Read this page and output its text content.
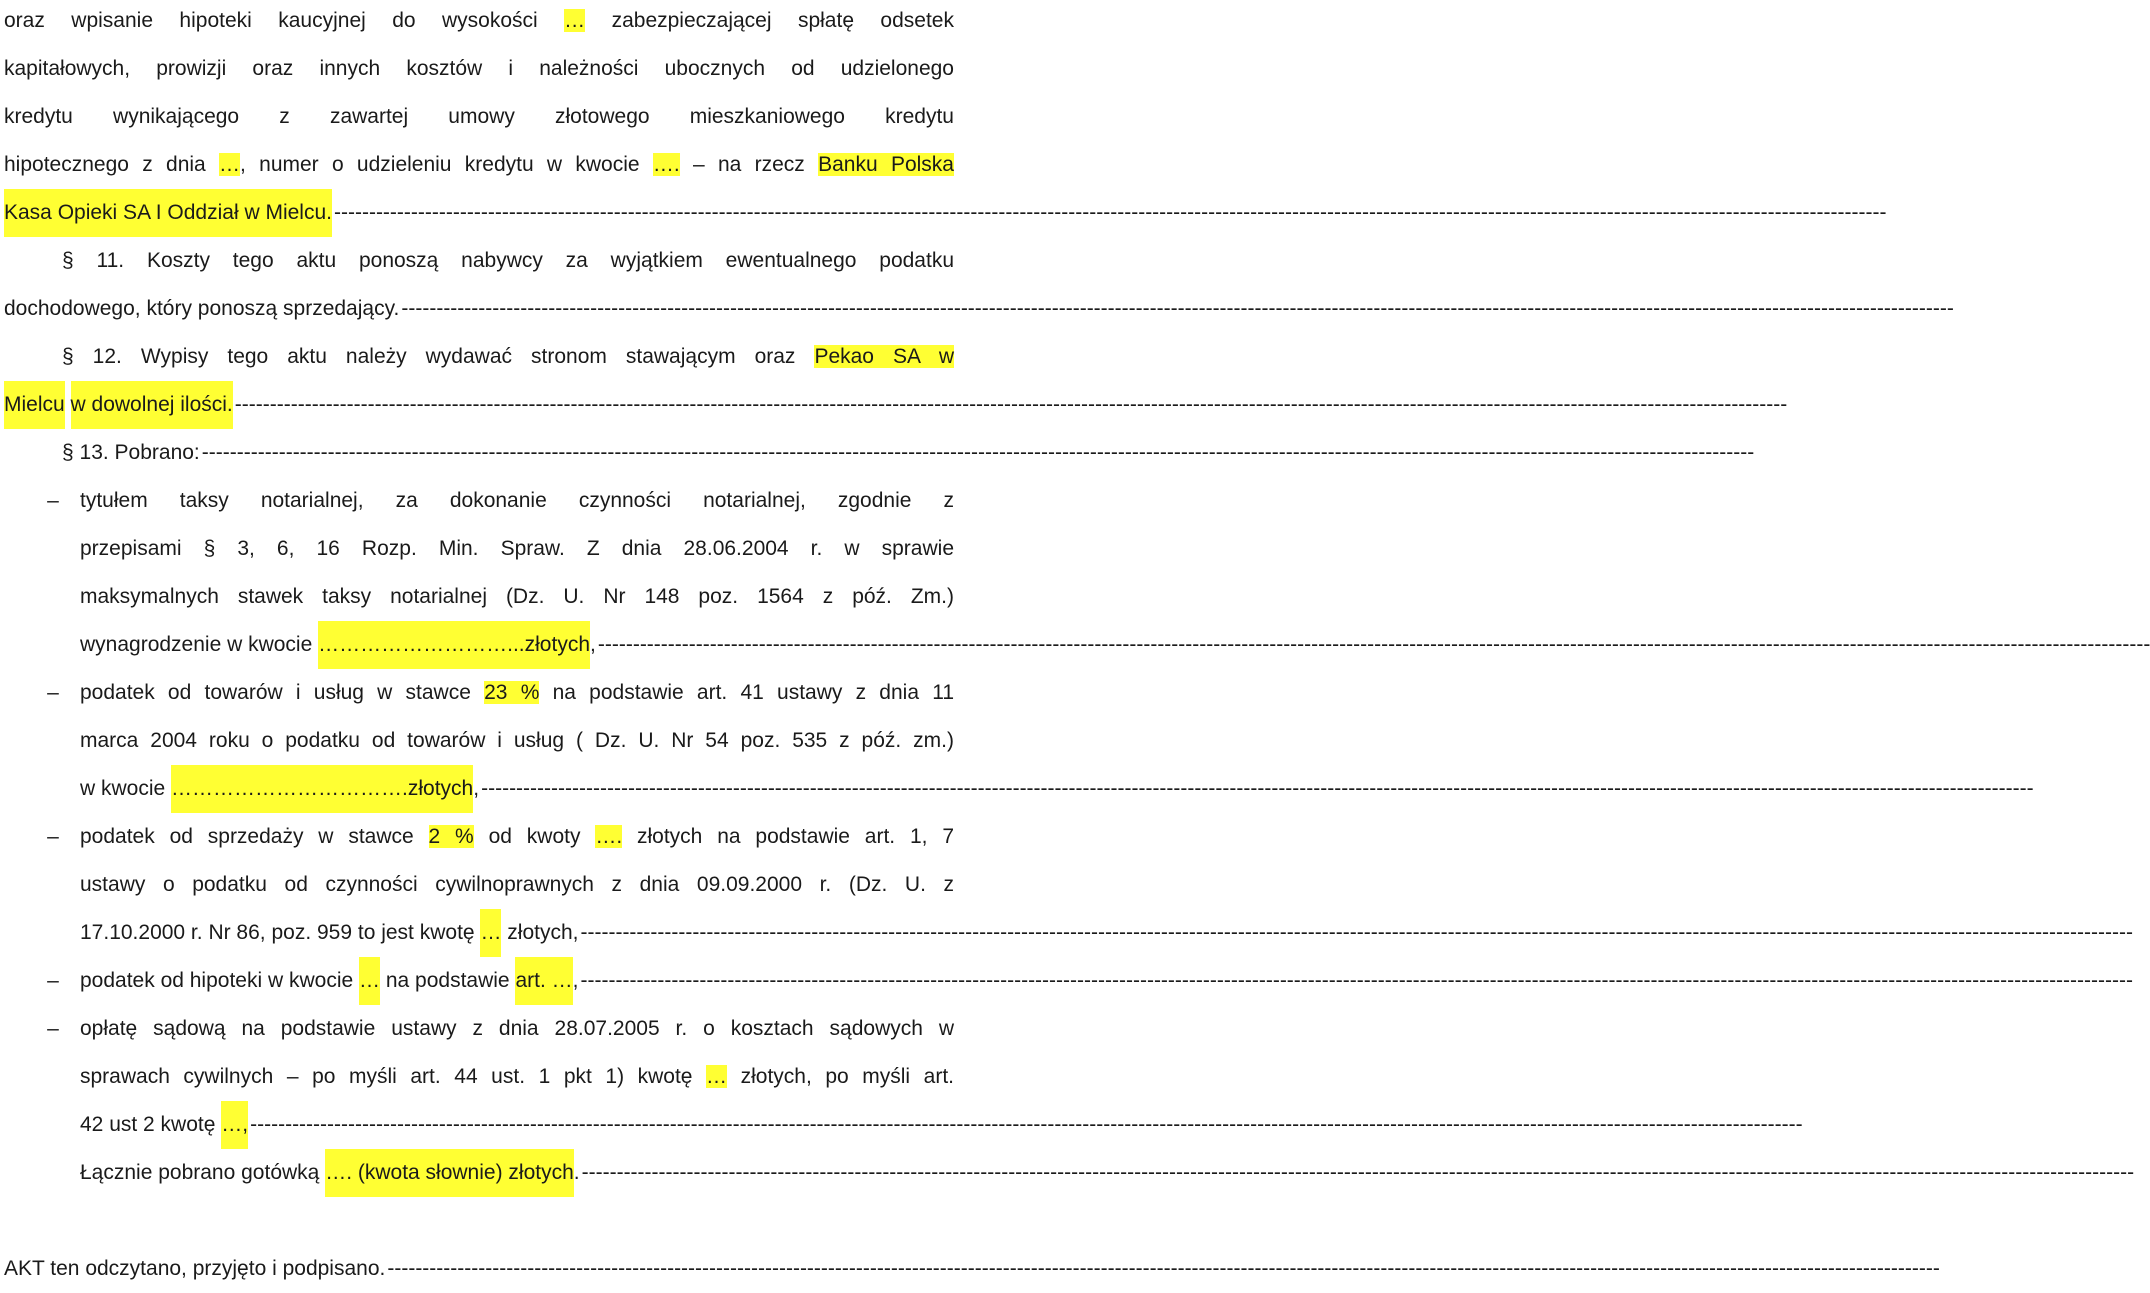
oraz wpisanie hipoteki kaucyjnej do wysokości … zabezpieczającej spłatę odsetek
kapitałowych, prowizji oraz innych kosztów i należności ubocznych od udzielonego
kredytu wynikającego z zawartej umowy złotowego mieszkaniowego kredytu
hipotecznego z dnia …, numer o udzieleniu kredytu w kwocie …. – na rzecz Banku Polska
Kasa Opieki SA I Oddział w Mielcu. ------------------------------------------------------------------------------------------------------------------------------------------------------------------------------------------------------------------------------
§ 11. Koszty tego aktu ponoszą nabywcy za wyjątkiem ewentualnego podatku
dochodowego, który ponoszą sprzedający. ------------------------------------------------------------------------------------------------------------------------------------------------------------------------------------------------------------------------------
§ 12. Wypisy tego aktu należy wydawać stronom stawającym oraz Pekao SA w
Mielcu
w dowolnej ilości. ------------------------------------------------------------------------------------------------------------------------------------------------------------------------------------------------------------------------------
§ 13. Pobrano: ------------------------------------------------------------------------------------------------------------------------------------------------------------------------------------------------------------------------------
–	tytułem taksy notarialnej, za dokonanie czynności notarialnej, zgodnie z
przepisami § 3, 6, 16 Rozp. Min. Spraw. Z dnia 28.06.2004 r. w sprawie
maksymalnych stawek taksy notarialnej (Dz. U. Nr 148 poz. 1564 z póź. Zm.)
wynagrodzenie w kwocie
………………………...złotych , ------------------------------------------------------------------------------------------------------------------------------------------------------------------------------------------------------------------------------
–	podatek od towarów i usług w stawce 23 % na podstawie art. 41 ustawy z dnia 11
marca 2004 roku o podatku od towarów i usług ( Dz. U. Nr 54 poz. 535 z póź. zm.)
w kwocie
…………………………….złotych , ------------------------------------------------------------------------------------------------------------------------------------------------------------------------------------------------------------------------------
–	podatek od sprzedaży w stawce 2 % od kwoty …. złotych na podstawie art. 1, 7
ustawy o podatku od czynności cywilnoprawnych z dnia 09.09.2000 r. (Dz. U. z
17.10.2000 r. Nr 86, poz. 959 to jest kwotę
…
złotych, ------------------------------------------------------------------------------------------------------------------------------------------------------------------------------------------------------------------------------
–	podatek od hipoteki w kwocie
…
na podstawie
art. … , ------------------------------------------------------------------------------------------------------------------------------------------------------------------------------------------------------------------------------
–	opłatę sądową na podstawie ustawy z dnia 28.07.2005 r. o kosztach sądowych w
sprawach cywilnych – po myśli art. 44 ust. 1 pkt 1) kwotę … złotych, po myśli art.
42 ust 2 kwotę
…, ------------------------------------------------------------------------------------------------------------------------------------------------------------------------------------------------------------------------------
Łącznie pobrano gotówką
…. (kwota słownie) złotych . ------------------------------------------------------------------------------------------------------------------------------------------------------------------------------------------------------------------------------
AKT ten odczytano, przyjęto i podpisano. ------------------------------------------------------------------------------------------------------------------------------------------------------------------------------------------------------------------------------
